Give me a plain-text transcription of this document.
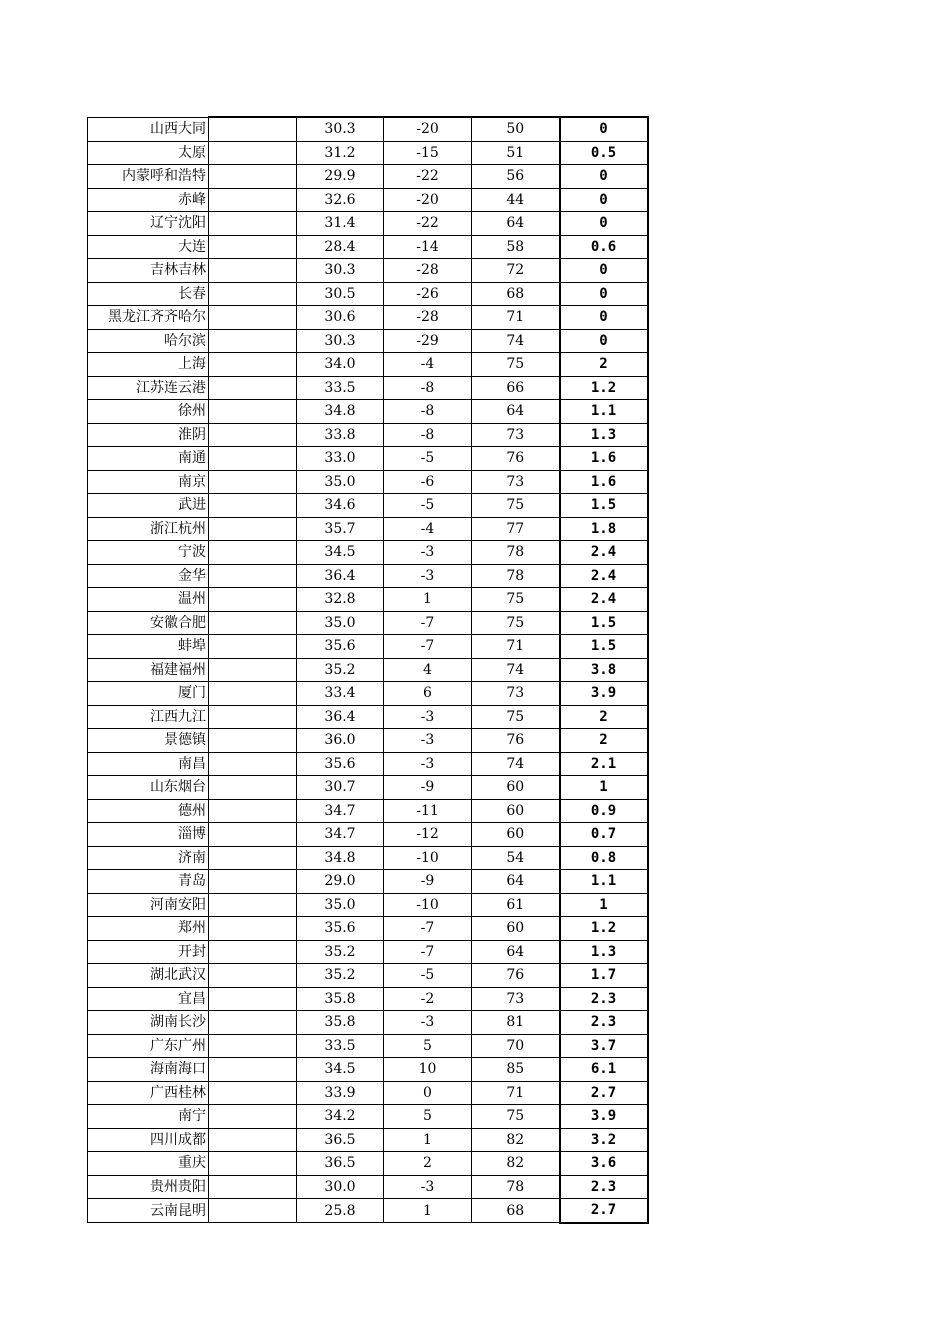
山西大同		30.3	-20	50	0
太原		31.2	-15	51	0.5
内蒙呼和浩特		29.9	-22	56	0
赤峰		32.6	-20	44	0
辽宁沈阳		31.4	-22	64	0
大连		28.4	-14	58	0.6
吉林吉林		30.3	-28	72	0
长春		30.5	-26	68	0
黑龙江齐齐哈尔		30.6	-28	71	0
哈尔滨		30.3	-29	74	0
上海		34.0	-4	75	2
江苏连云港		33.5	-8	66	1.2
徐州		34.8	-8	64	1.1
淮阴		33.8	-8	73	1.3
南通		33.0	-5	76	1.6
南京		35.0	-6	73	1.6
武进		34.6	-5	75	1.5
浙江杭州		35.7	-4	77	1.8
宁波		34.5	-3	78	2.4
金华		36.4	-3	78	2.4
温州		32.8	1	75	2.4
安徽合肥		35.0	-7	75	1.5
蚌埠		35.6	-7	71	1.5
福建福州		35.2	4	74	3.8
厦门		33.4	6	73	3.9
江西九江		36.4	-3	75	2
景德镇		36.0	-3	76	2
南昌		35.6	-3	74	2.1
山东烟台		30.7	-9	60	1
德州		34.7	-11	60	0.9
淄博		34.7	-12	60	0.7
济南		34.8	-10	54	0.8
青岛		29.0	-9	64	1.1
河南安阳		35.0	-10	61	1
郑州		35.6	-7	60	1.2
开封		35.2	-7	64	1.3
湖北武汉		35.2	-5	76	1.7
宜昌		35.8	-2	73	2.3
湖南长沙		35.8	-3	81	2.3
广东广州		33.5	5	70	3.7
海南海口		34.5	10	85	6.1
广西桂林		33.9	0	71	2.7
南宁		34.2	5	75	3.9
四川成都		36.5	1	82	3.2
重庆		36.5	2	82	3.6
贵州贵阳		30.0	-3	78	2.3
云南昆明		25.8	1	68	2.7
